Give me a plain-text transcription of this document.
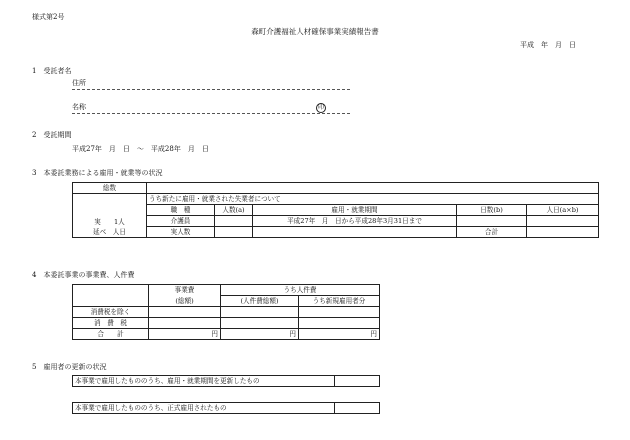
様式第2号
森町介護福祉人材確保事業実績報告書
平成　年　月　日
1　受託者名
住所
名称	印
2　受託期間
平成27年　月　日　～　平成28年　月　日
3　本委託業務による雇用・就業等の状況
総数					

実　　1人
延べ　人日	うち新たに雇用・就業された失業者について				
	職　種	人数(a)	雇用・就業期間	日数(b)	人日(a×b)
	介護員		平成27年　月　日から平成28年3月31日まで		
	実人数			合計	
4　本委託事業の事業費、人件費
	事業費	うち人件費	
	(総額)	(人件費総額)	うち新規雇用者分
消費税を除く			
消　費　税			
合　　計	円	円	円
5　雇用者の更新の状況
本事業で雇用したもののうち、雇用・就業期間を更新したもの	
本事業で雇用したもののうち、正式雇用されたもの	
